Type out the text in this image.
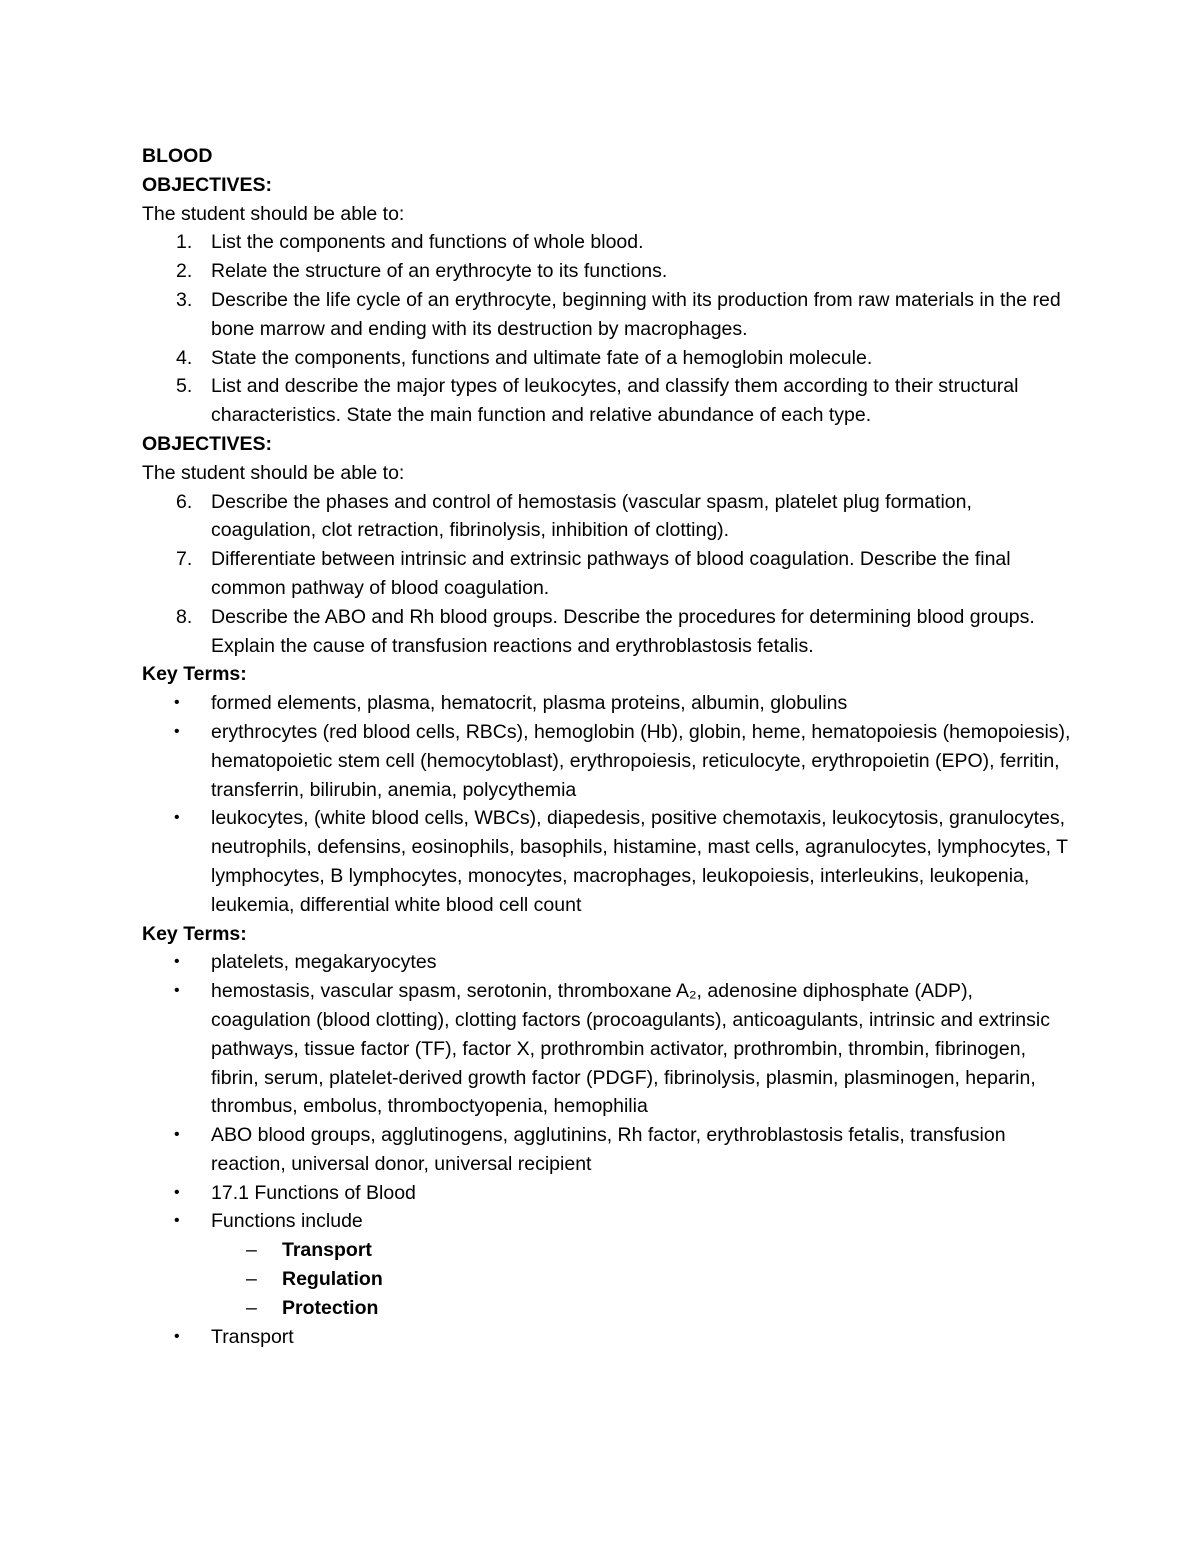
BLOOD

OBJECTIVES:

The student should be able to:

1. List the components and functions of whole blood.
2. Relate the structure of an erythrocyte to its functions.
3. Describe the life cycle of an erythrocyte, beginning with its production from raw materials in the red bone marrow and ending with its destruction by macrophages.
4. State the components, functions and ultimate fate of a hemoglobin molecule.
5. List and describe the major types of leukocytes, and classify them according to their structural characteristics. State the main function and relative abundance of each type.

OBJECTIVES:

The student should be able to:

6. Describe the phases and control of hemostasis (vascular spasm, platelet plug formation, coagulation, clot retraction, fibrinolysis, inhibition of clotting).
7. Differentiate between intrinsic and extrinsic pathways of blood coagulation. Describe the final common pathway of blood coagulation.
8. Describe the ABO and Rh blood groups. Describe the procedures for determining blood groups. Explain the cause of transfusion reactions and erythroblastosis fetalis.

Key Terms:

• formed elements, plasma, hematocrit, plasma proteins, albumin, globulins
• erythrocytes (red blood cells, RBCs), hemoglobin (Hb), globin, heme, hematopoiesis (hemopoiesis), hematopoietic stem cell (hemocytoblast), erythropoiesis, reticulocyte, erythropoietin (EPO), ferritin, transferrin, bilirubin, anemia, polycythemia
• leukocytes, (white blood cells, WBCs), diapedesis, positive chemotaxis, leukocytosis, granulocytes, neutrophils, defensins, eosinophils, basophils, histamine, mast cells, agranulocytes, lymphocytes, T lymphocytes, B lymphocytes, monocytes, macrophages, leukopoiesis, interleukins, leukopenia, leukemia, differential white blood cell count

Key Terms:

• platelets, megakaryocytes
• hemostasis, vascular spasm, serotonin, thromboxane A₂, adenosine diphosphate (ADP), coagulation (blood clotting), clotting factors (procoagulants), anticoagulants, intrinsic and extrinsic pathways, tissue factor (TF), factor X, prothrombin activator, prothrombin, thrombin, fibrinogen, fibrin, serum, platelet-derived growth factor (PDGF), fibrinolysis, plasmin, plasminogen, heparin, thrombus, embolus, thromboctyopenia, hemophilia
• ABO blood groups, agglutinogens, agglutinins, Rh factor, erythroblastosis fetalis, transfusion reaction, universal donor, universal recipient
• 17.1 Functions of Blood
• Functions include
– Transport
– Regulation
– Protection
• Transport
